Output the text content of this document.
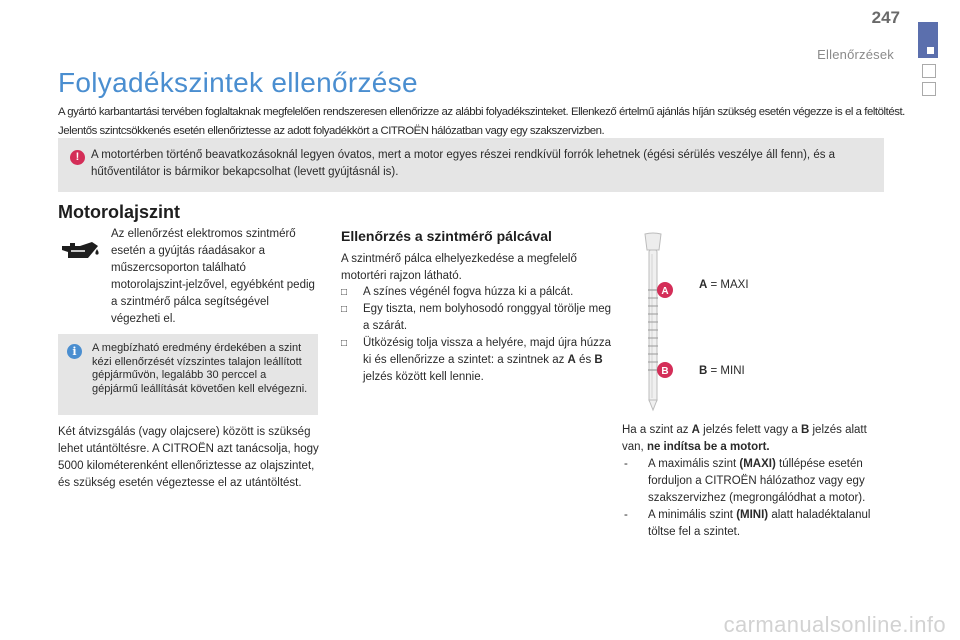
247
Ellenőrzések
Folyadékszintek ellenőrzése

A gyártó karbantartási tervében foglaltaknak megfelelően rendszeresen ellenőrizze az alábbi folyadékszinteket. Ellenkező értelmű ajánlás híján szükség esetén végezze is el a feltöltést. Jelentős szintcsökkenés esetén ellenőriztesse az adott folyadékkört a CITROËN hálózatban vagy egy szakszervizben.

!	A motortérben történő beavatkozásoknál legyen óvatos, mert a motor egyes részei rendkívül forrók lehetnek (égési sérülés veszélye áll fenn), és a hűtőventilátor is bármikor bekapcsolhat (levett gyújtásnál is).

Motorolajszint

Az ellenőrzést elektromos szintmérő esetén a gyújtás ráadásakor a műszercsoporton található motorolajszint-jelzővel, egyébként pedig a szintmérő pálca segítségével végezheti el.

i	A megbízható eredmény érdekében a szint kézi ellenőrzését vízszintes talajon leállított gépjárművön, legalább 30 perccel a gépjármű leállítását követően kell elvégezni.

Két átvizsgálás (vagy olajcsere) között is szükség lehet utántöltésre. A CITROËN azt tanácsolja, hogy 5000 kilométerenként ellenőriztesse az olajszintet, és szükség esetén végeztesse el az utántöltést.

Ellenőrzés a szintmérő pálcával

A szintmérő pálca elhelyezkedése a megfelelő motortéri rajzon látható.

□ A színes végénél fogva húzza ki a pálcát.
□ Egy tiszta, nem bolyhosodó ronggyal törölje meg a szárát.
□ Ütközésig tolja vissza a helyére, majd újra húzza ki és ellenőrizze a szintet: a szintnek az A és B jelzés között kell lennie.
A
B
A = MAXI
B = MINI

Ha a szint az A jelzés felett vagy a B jelzés alatt van, ne indítsa be a motort.

- A maximális szint (MAXI) túllépése esetén forduljon a CITROËN hálózathoz vagy egy szakszervizhez (megrongálódhat a motor).
- A minimális szint (MINI) alatt haladéktalanul töltse fel a szintet.
carmanualsonline.info
